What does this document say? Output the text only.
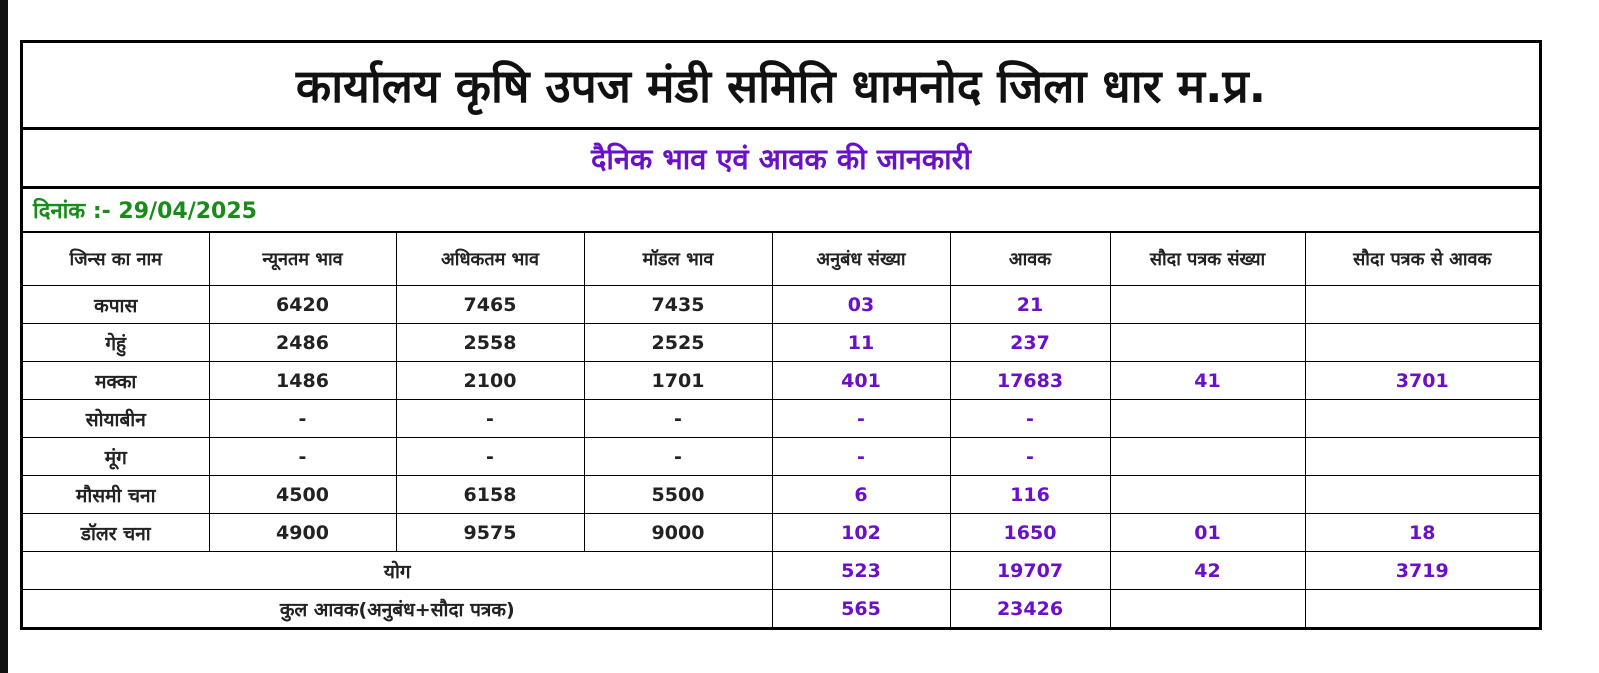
कार्यालय कृषि उपज मंडी समिति धामनोद जिला धार म.प्र.
दैनिक भाव एवं आवक की जानकारी
दिनांक :- 29/04/2025
जिन्स का नाम	न्यूनतम भाव	अधिकतम भाव	मॉडल भाव	अनुबंध संख्या	आवक	सौदा पत्रक संख्या	सौदा पत्रक से आवक
कपास	6420	7465	7435	03	21		
गेहुं	2486	2558	2525	11	237		
मक्का	1486	2100	1701	401	17683	41	3701
सोयाबीन	-	-	-	-	-		
मूंग	-	-	-	-	-		
मौसमी चना	4500	6158	5500	6	116		
डॉलर चना	4900	9575	9000	102	1650	01	18
योग				523	19707	42	3719
कुल आवक(अनुबंध+सौदा पत्रक)				565	23426		
